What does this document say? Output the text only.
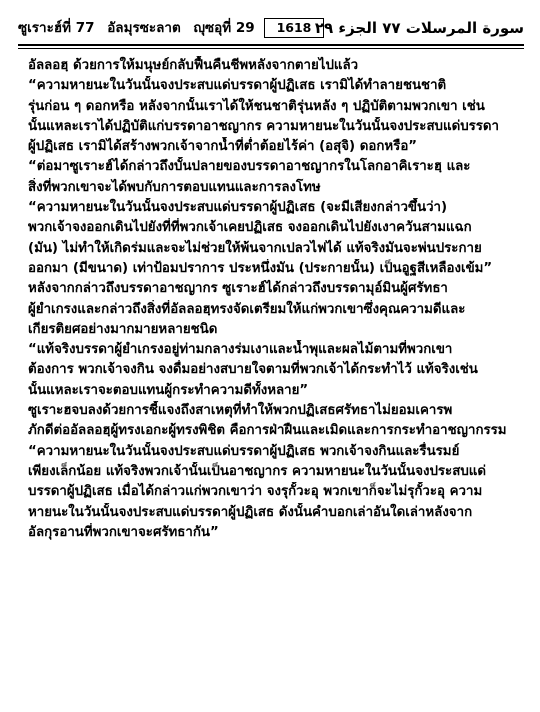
ซูเราะฮ์ที่ 77 อัลมุรซะลาต ญุซอุที่ 29	1618 سورة المرسلات ٧٧ الجزء ٢٩
อัลลอฮฺ ด้วยการให้มนุษย์กลับฟื้นคืนชีพหลังจากตายไปแล้ว
“ความหายนะในวันนั้นจงประสบแด่บรรดาผู้ปฏิเสธ เรามิได้ทำลายชนชาติ
รุ่นก่อน ๆ ดอกหรือ หลังจากนั้นเราได้ให้ชนชาติรุ่นหลัง ๆ ปฏิบัติตามพวกเขา เช่น
นั้นแหละเราได้ปฏิบัติแก่บรรดาอาชญากร ความหายนะในวันนั้นจงประสบแด่บรรดา
ผู้ปฏิเสธ เรามิได้สร้างพวกเจ้าจากน้ำที่ต่ำต้อยไร้ค่า (อสุจิ) ดอกหรือ”
“ต่อมาซูเราะฮ์ได้กล่าวถึงบั้นปลายของบรรดาอาชญากรในโลกอาคิเราะฮฺ และ
สิ่งที่พวกเขาจะได้พบกับการตอบแทนและการลงโทษ
“ความหายนะในวันนั้นจงประสบแด่บรรดาผู้ปฏิเสธ (จะมีเสียงกล่าวขึ้นว่า)
พวกเจ้าจงออกเดินไปยังที่ที่พวกเจ้าเคยปฏิเสธ จงออกเดินไปยังเงาควันสามแฉก
(มัน) ไม่ทำให้เกิดร่มและจะไม่ช่วยให้พ้นจากเปลวไฟได้ แท้จริงมันจะพ่นประกาย
ออกมา (มีขนาด) เท่าป้อมปราการ ประหนึ่งมัน (ประกายนั้น) เป็นอูฐสีเหลืองเข้ม”
หลังจากกล่าวถึงบรรดาอาชญากร ซูเราะฮ์ได้กล่าวถึงบรรดามุอ์มินผู้ศรัทธา
ผู้ยำเกรงและกล่าวถึงสิ่งที่อัลลอฮฺทรงจัดเตรียมให้แก่พวกเขาซึ่งคุณความดีและ
เกียรติยศอย่างมากมายหลายชนิด
“แท้จริงบรรดาผู้ยำเกรงอยู่ท่ามกลางร่มเงาและน้ำพุและผลไม้ตามที่พวกเขา
ต้องการ พวกเจ้าจงกิน จงดื่มอย่างสบายใจตามที่พวกเจ้าได้กระทำไว้ แท้จริงเช่น
นั้นแหละเราจะตอบแทนผู้กระทำความดีทั้งหลาย”
ซูเราะฮจบลงด้วยการชี้แจงถึงสาเหตุที่ทำให้พวกปฏิเสธศรัทธาไม่ยอมเคารพ
ภักดีต่ออัลลอฮฺผู้ทรงเอกะผู้ทรงพิชิต คือการฝ่าฝืนและเมิดและการกระทำอาชญากรรม
“ความหายนะในวันนั้นจงประสบแด่บรรดาผู้ปฏิเสธ พวกเจ้าจงกินและรื่นรมย์
เพียงเล็กน้อย แท้จริงพวกเจ้านั้นเป็นอาชญากร ความหายนะในวันนั้นจงประสบแด่
บรรดาผู้ปฏิเสธ เมื่อได้กล่าวแก่พวกเขาว่า จงรุกั้วะอุ พวกเขาก็จะไม่รุกั้วะอุ ความ
หายนะในวันนั้นจงประสบแด่บรรดาผู้ปฏิเสธ ดังนั้นคำบอกเล่าอันใดเล่าหลังจาก
อัลกุรอานที่พวกเขาจะศรัทธากัน”
